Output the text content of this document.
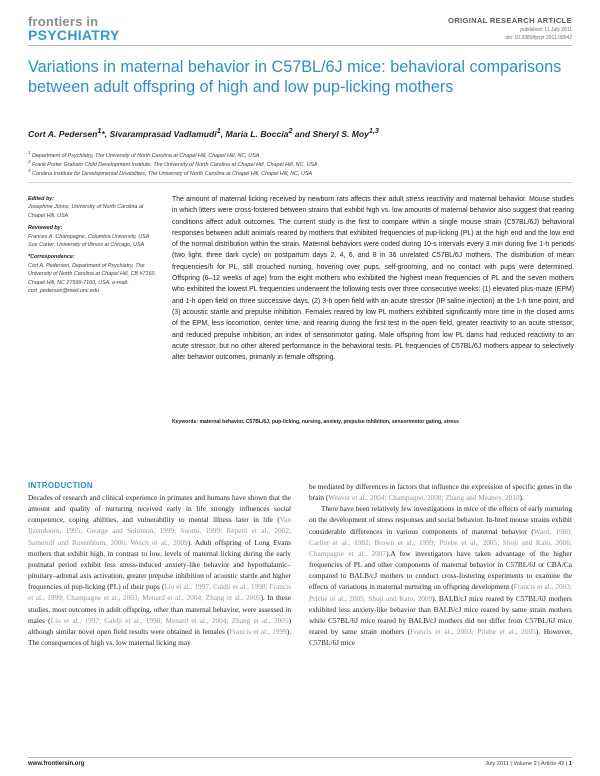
frontiers in
PSYCHIATRY
ORIGINAL RESEARCH ARTICLE
published: 11 July 2011
doi: 10.3389/fpsyt.2011.00042
Variations in maternal behavior in C57BL/6J mice: behavioral comparisons between adult offspring of high and low pup-licking mothers
Cort A. Pedersen$^1$*, Sivaramprasad Vadlamudi$^1$, Maria L. Boccia$^2$ and Sheryl S. Moy$^{1,3}$
$^1$ Department of Psychiatry, The University of North Carolina at Chapel Hill, Chapel Hill, NC, USA
$^2$ Frank Porter Graham Child Development Institute, The University of North Carolina at Chapel Hill, Chapel Hill, NC, USA
$^3$ Carolina Institute for Developmental Disabilities, The University of North Carolina at Chapel Hill, Chapel Hill, NC, USA
Edited by:
Josephine Johns, University of North Carolina at Chapel Hill, USA
Reviewed by:
Frances A. Champagne, Columbia University, USA
Sue Carter, University of Illinois at Chicago, USA
*Correspondence:
Cort A. Pedersen, Department of Psychiatry, The University of North Carolina at Chapel Hill, CB #7160, Chapel Hill, NC 27599-7160, USA. e-mail: cort_pedersen@med.unc.edu
The amount of maternal licking received by newborn rats affects their adult stress reactivity and maternal behavior. Mouse studies in which litters were cross-fostered between strains that exhibit high vs. low amounts of maternal behavior also suggest that rearing conditions affect adult outcomes. The current study is the first to compare within a single mouse strain (C57BL/6J) behavioral responses between adult animals reared by mothers that exhibited frequencies of pup-licking (PL) at the high end and the low end of the normal distribution within the strain. Maternal behaviors were coded during 10-s intervals every 3 min during five 1-h periods (two light, three dark cycle) on postpartum days 2, 4, 6, and 8 in 36 unrelated C57BL/6J mothers. The distribution of mean frequencies/h for PL, still crouched nursing, hovering over pups, self-grooming, and no contact with pups were determined. Offspring (6–12 weeks of age) from the eight mothers who exhibited the highest mean frequencies of PL and the seven mothers who exhibited the lowest PL frequencies underwent the following tests over three consecutive weeks: (1) elevated plus-maze (EPM) and 1-h open field on three successive days, (2) 3-h open field with an acute stressor (IP saline injection) at the 1-h time point, and (3) acoustic startle and prepulse inhibition. Females reared by low PL mothers exhibited significantly more time in the closed arms of the EPM, less locomotion, center time, and rearing during the first test in the open field, greater reactivity to an acute stressor, and reduced prepulse inhibition, an index of sensorimotor gating. Male offspring from low PL dams had reduced reactivity to an acute stressor, but no other altered performance in the behavioral tests. PL frequencies of C57BL/6J mothers appear to selectively alter behavior outcomes, primarily in female offspring.
Keywords: maternal behavior, C57BL/6J, pup-licking, nursing, anxiety, prepulse inhibition, sensorimotor gating, stress
INTRODUCTION

Decades of research and clinical experience in primates and humans have shown that the amount and quality of nurturing received early in life strongly influences social competence, coping abilities, and vulnerability to mental illness later in life (Van Ijzendoorn, 1995; George and Solomon, 1999; Suomi, 1999; Repetti et al., 2002; Samerolf and Rosenblum, 2006; Weich et al., 2009). Adult offspring of Long Evans mothers that exhibit high, in contrast to low, levels of maternal licking during the early postnatal period exhibit less stress-induced anxiety-like behavior and hypothalamic–pituitary–adrenal axis activation, greater prepulse inhibition of acoustic startle and higher frequencies of pup-licking (PL) of their pups (Liu et al., 1997; Caldji et al., 1998; Francis et al., 1999; Champagne et al., 2003; Menard et al., 2004; Zhang et al., 2005). In these studies, most outcomes in adult offspring, other than maternal behavior, were assessed in males (Liu et al., 1997; Caldji et al., 1998; Menard et al., 2004; Zhang et al., 2005) although similar novel open field results were obtained in females (Francis et al., 1999). The consequences of high vs. low maternal licking may

be mediated by differences in factors that influence the expression of specific genes in the brain (Weaver et al., 2004; Champagne, 2008; Zhang and Meaney, 2010).

There have been relatively few investigations in mice of the effects of early nurturing on the development of stress responses and social behavior. In-bred mouse strains exhibit considerable differences in various components of maternal behavior (Ward, 1980; Carlier et al., 1982; Brown et al., 1999; Priebe et al., 2005; Shoji and Kato, 2006; Champagne et al., 2007).A few investigators have taken advantage of the higher frequencies of PL and other components of maternal behavior in C57BL/6J or CBA/Ca compared to BALB/cJ mothers to conduct cross-fostering experiments to examine the effects of variations in maternal nurturing on offspring development (Francis et al., 2003; Priebe et al., 2005; Shoji and Kato, 2009). BALB/cJ mice reared by C57BL/6J mothers exhibited less anxiety-like behavior than BALB/cJ mice reared by same strain mothers while C57BL/6J mice reared by BALB/cJ mothers did not differ from C57BL/6J mice reared by same strain mothers (Francis et al., 2003; Priebe et al., 2005). However, C57BL/6J mice

www.frontiersin.org	July 2011 | Volume 2 | Article 42 | 1
